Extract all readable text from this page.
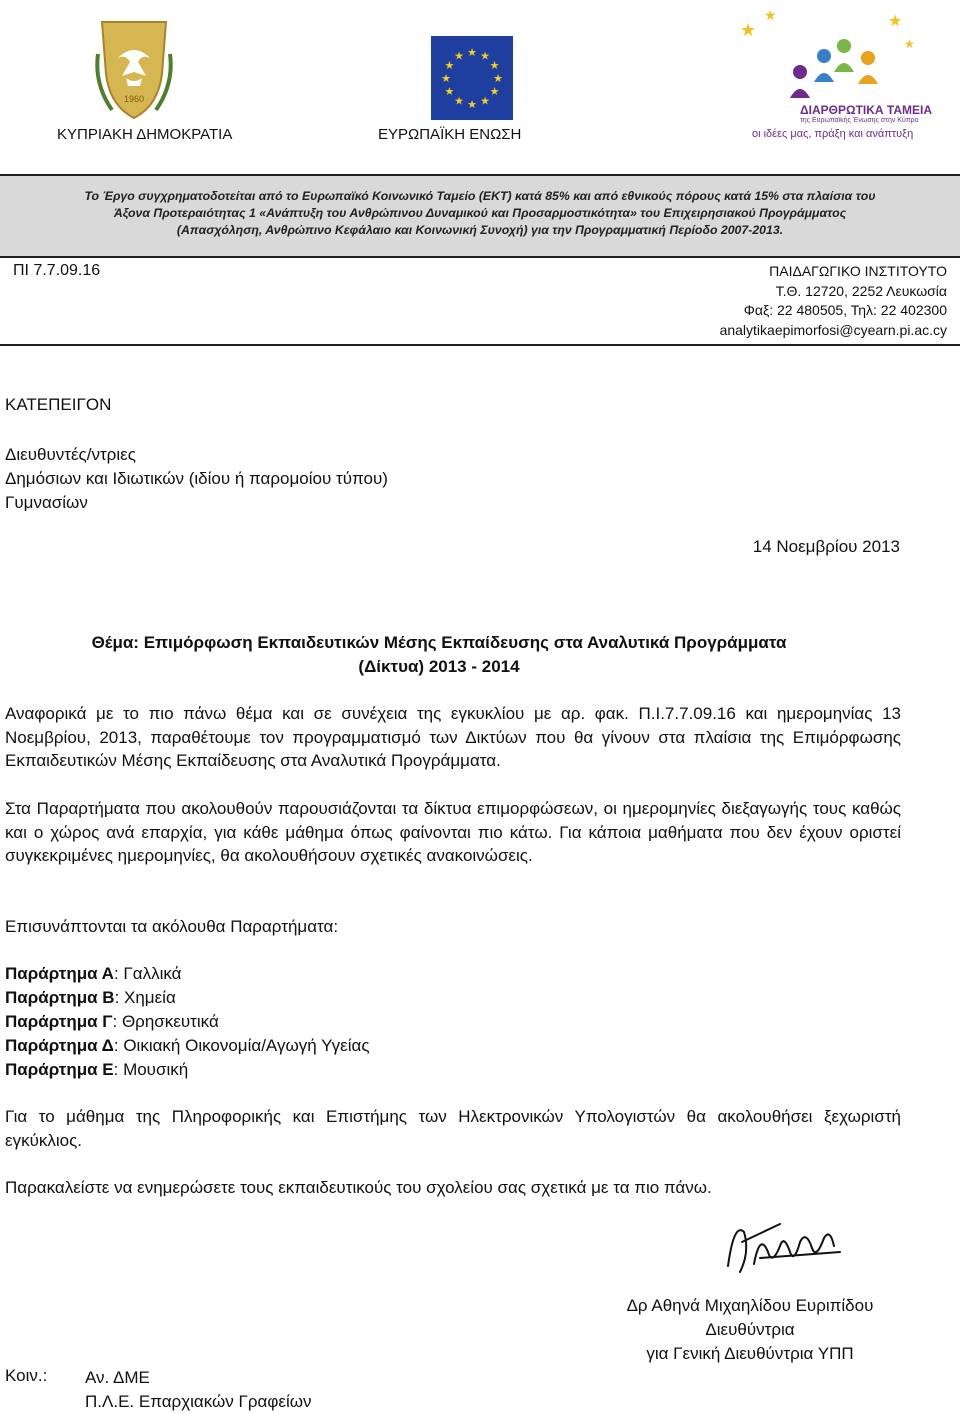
1960
ΚΥΠΡΙΑΚΗ ΔΗΜΟΚΡΑΤΙΑ
★ ★
★
★
★
★
★
★
★
★
★
★
ΕΥΡΩΠΑΪΚΗ ΕΝΩΣΗ
★
★	★
★
ΔΙΑΡΘΡΩΤΙΚΑ ΤΑΜΕΙΑ
της Ευρωπαϊκής Ένωσης στην Κύπρο
οι ιδέες μας, πράξη και ανάπτυξη
Το Έργο συγχρηματοδοτείται από το Ευρωπαϊκό Κοινωνικό Ταμείο (ΕΚΤ) κατά 85% και από εθνικούς πόρους κατά 15% στα πλαίσια του
Άξονα Προτεραιότητας 1 «Ανάπτυξη του Ανθρώπινου Δυναμικού και Προσαρμοστικότητα» του Επιχειρησιακού Προγράμματος
(Απασχόληση, Ανθρώπινο Κεφάλαιο και Κοινωνική Συνοχή) για την Προγραμματική Περίοδο 2007-2013.
ΠΙ 7.7.09.16	ΠΑΙΔΑΓΩΓΙΚΟ ΙΝΣΤΙΤΟΥΤΟ
Τ.Θ. 12720, 2252 Λευκωσία
Φαξ: 22 480505, Τηλ: 22 402300
analytikaepimorfosi@cyearn.pi.ac.cy
ΚΑΤΕΠΕΙΓΟΝ
Διευθυντές/ντριες
Δημόσιων και Ιδιωτικών (ιδίου ή παρομοίου τύπου)
Γυμνασίων
14 Νοεμβρίου 2013
Θέμα: Επιμόρφωση Εκπαιδευτικών Μέσης Εκπαίδευσης στα Αναλυτικά Προγράμματα
(Δίκτυα) 2013 - 2014
Αναφορικά με το πιο πάνω θέμα και σε συνέχεια της εγκυκλίου με αρ. φακ. Π.Ι.7.7.09.16 και ημερομηνίας 13 Νοεμβρίου, 2013, παραθέτουμε τον προγραμματισμό των Δικτύων που θα γίνουν στα πλαίσια της Επιμόρφωσης Εκπαιδευτικών Μέσης Εκπαίδευσης στα Αναλυτικά Προγράμματα.
Στα Παραρτήματα που ακολουθούν παρουσιάζονται τα δίκτυα επιμορφώσεων, οι ημερομηνίες διεξαγωγής τους καθώς και ο χώρος ανά επαρχία, για κάθε μάθημα όπως φαίνονται πιο κάτω. Για κάποια μαθήματα που δεν έχουν οριστεί συγκεκριμένες ημερομηνίες, θα ακολουθήσουν σχετικές ανακοινώσεις.
Επισυνάπτονται τα ακόλουθα Παραρτήματα:
Παράρτημα Α: Γαλλικά
Παράρτημα Β: Χημεία
Παράρτημα Γ: Θρησκευτικά
Παράρτημα Δ: Οικιακή Οικονομία/Αγωγή Υγείας
Παράρτημα Ε: Μουσική
Για το μάθημα της Πληροφορικής και Επιστήμης των Ηλεκτρονικών Υπολογιστών θα ακολουθήσει ξεχωριστή εγκύκλιος.
Παρακαλείστε να ενημερώσετε τους εκπαιδευτικούς του σχολείου σας σχετικά με τα πιο πάνω.
Δρ Αθηνά Μιχαηλίδου Ευριπίδου
Διευθύντρια
για Γενική Διευθύντρια ΥΠΠ
Κοιν.: Αν. ΔΜΕ
Π.Λ.Ε. Επαρχιακών Γραφείων
